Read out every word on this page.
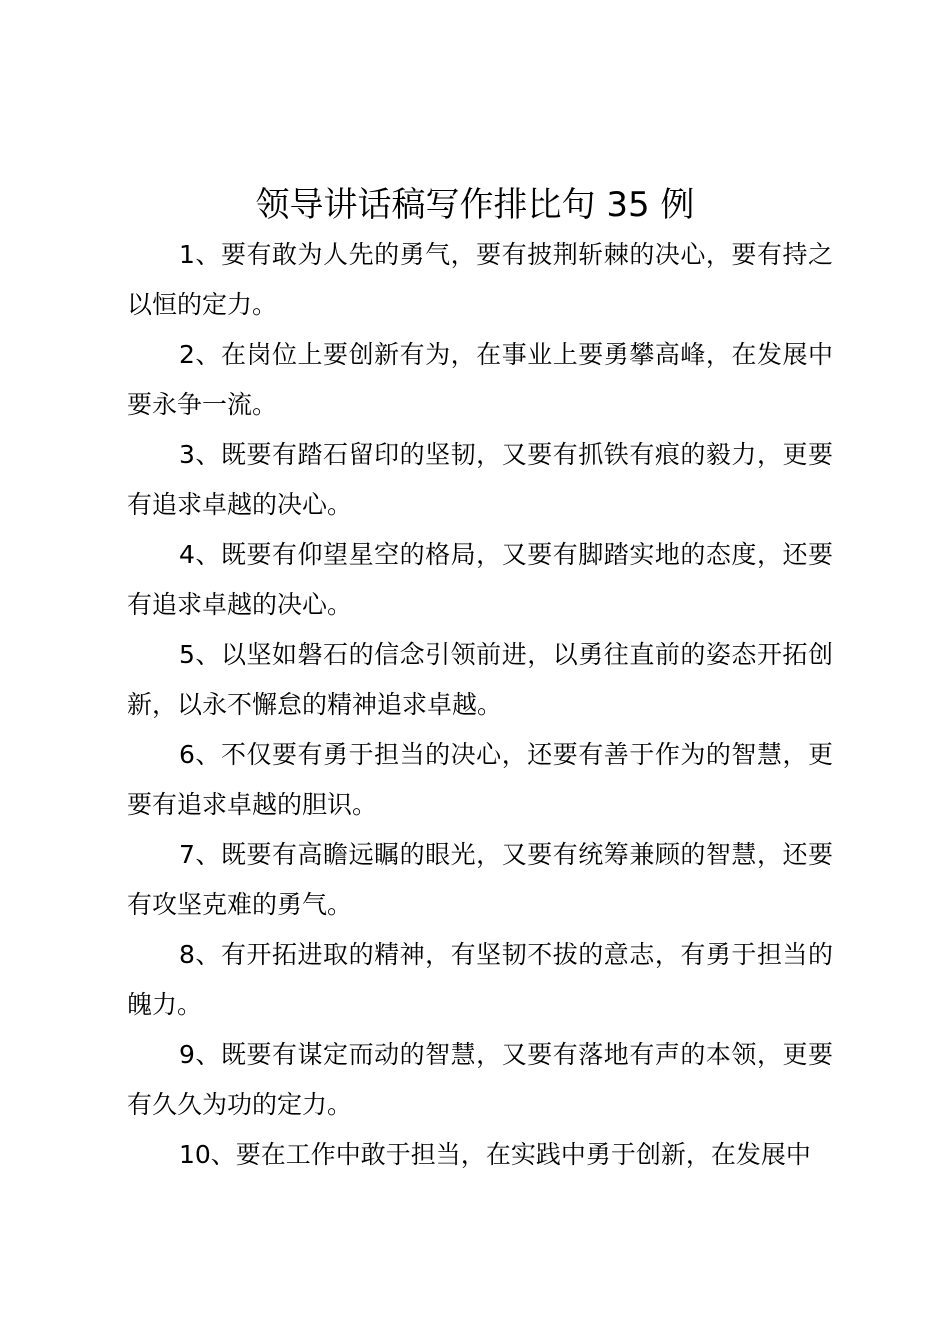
领导讲话稿写作排比句 35 例

1、要有敢为人先的勇气，要有披荆斩棘的决心，要有持之以恒的定力。

2、在岗位上要创新有为，在事业上要勇攀高峰，在发展中要永争一流。

3、既要有踏石留印的坚韧，又要有抓铁有痕的毅力，更要有追求卓越的决心。

4、既要有仰望星空的格局，又要有脚踏实地的态度，还要有追求卓越的决心。

5、以坚如磐石的信念引领前进，以勇往直前的姿态开拓创新，以永不懈怠的精神追求卓越。

6、不仅要有勇于担当的决心，还要有善于作为的智慧，更要有追求卓越的胆识。

7、既要有高瞻远瞩的眼光，又要有统筹兼顾的智慧，还要有攻坚克难的勇气。

8、有开拓进取的精神，有坚韧不拔的意志，有勇于担当的魄力。

9、既要有谋定而动的智慧，又要有落地有声的本领，更要有久久为功的定力。

10、要在工作中敢于担当，在实践中勇于创新，在发展中
